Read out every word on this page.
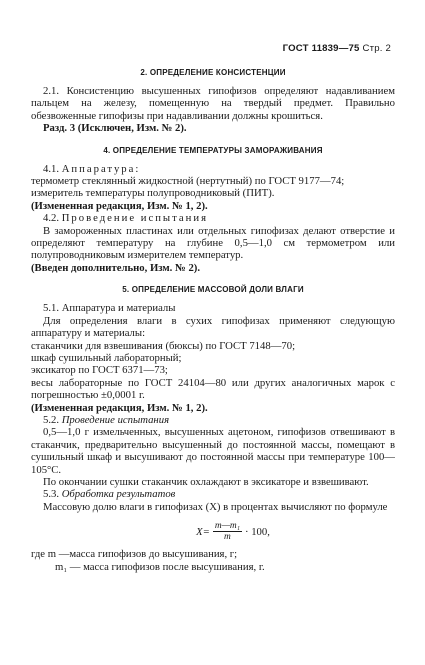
ГОСТ 11839—75 Стр. 2
2. ОПРЕДЕЛЕНИЕ КОНСИСТЕНЦИИ

2.1. Консистенцию высушенных гипофизов определяют надавливанием пальцем на железу, помещенную на твердый предмет. Правильно обезвоженные гипофизы при надавливании должны крошиться.

Разд. 3 (Исключен, Изм. № 2).

4. ОПРЕДЕЛЕНИЕ ТЕМПЕРАТУРЫ ЗАМОРАЖИВАНИЯ

4.1. Аппаратура:

термометр стеклянный жидкостной (нертутный) по ГОСТ 9177—74;

измеритель температуры полупроводниковый (ПИТ).

(Измененная редакция, Изм. № 1, 2).

4.2. Проведение испытания

В замороженных пластинах или отдельных гипофизах делают отверстие и определяют температуру на глубине 0,5—1,0 см термометром или полупроводниковым измерителем температур.

(Введен дополнительно, Изм. № 2).

5. ОПРЕДЕЛЕНИЕ МАССОВОЙ ДОЛИ ВЛАГИ

5.1. Аппаратура и материалы

Для определения влаги в сухих гипофизах применяют следующую аппаратуру и материалы:

стаканчики для взвешивания (бюксы) по ГОСТ 7148—70;

шкаф сушильный лабораторный;

эксикатор по ГОСТ 6371—73;

весы лабораторные по ГОСТ 24104—80 или других аналогичных марок с погрешностью ±0,0001 г.

(Измененная редакция, Изм. № 1, 2).

5.2. Проведение испытания

0,5—1,0 г измельченных, высушенных ацетоном, гипофизов отвешивают в стаканчик, предварительно высушенный до постоянной массы, помещают в сушильный шкаф и высушивают до постоянной массы при температуре 100—105°С.

По окончании сушки стаканчик охлаждают в эксикаторе и взвешивают.

5.3. Обработка результатов

Массовую долю влаги в гипофизах (X) в процентах вычисляют по формуле

$X= \frac{\text{m—m₁}}{m} \cdot 100$,

где m —масса гипофизов до высушивания, г;

m₁ — масса гипофизов после высушивания, г.
